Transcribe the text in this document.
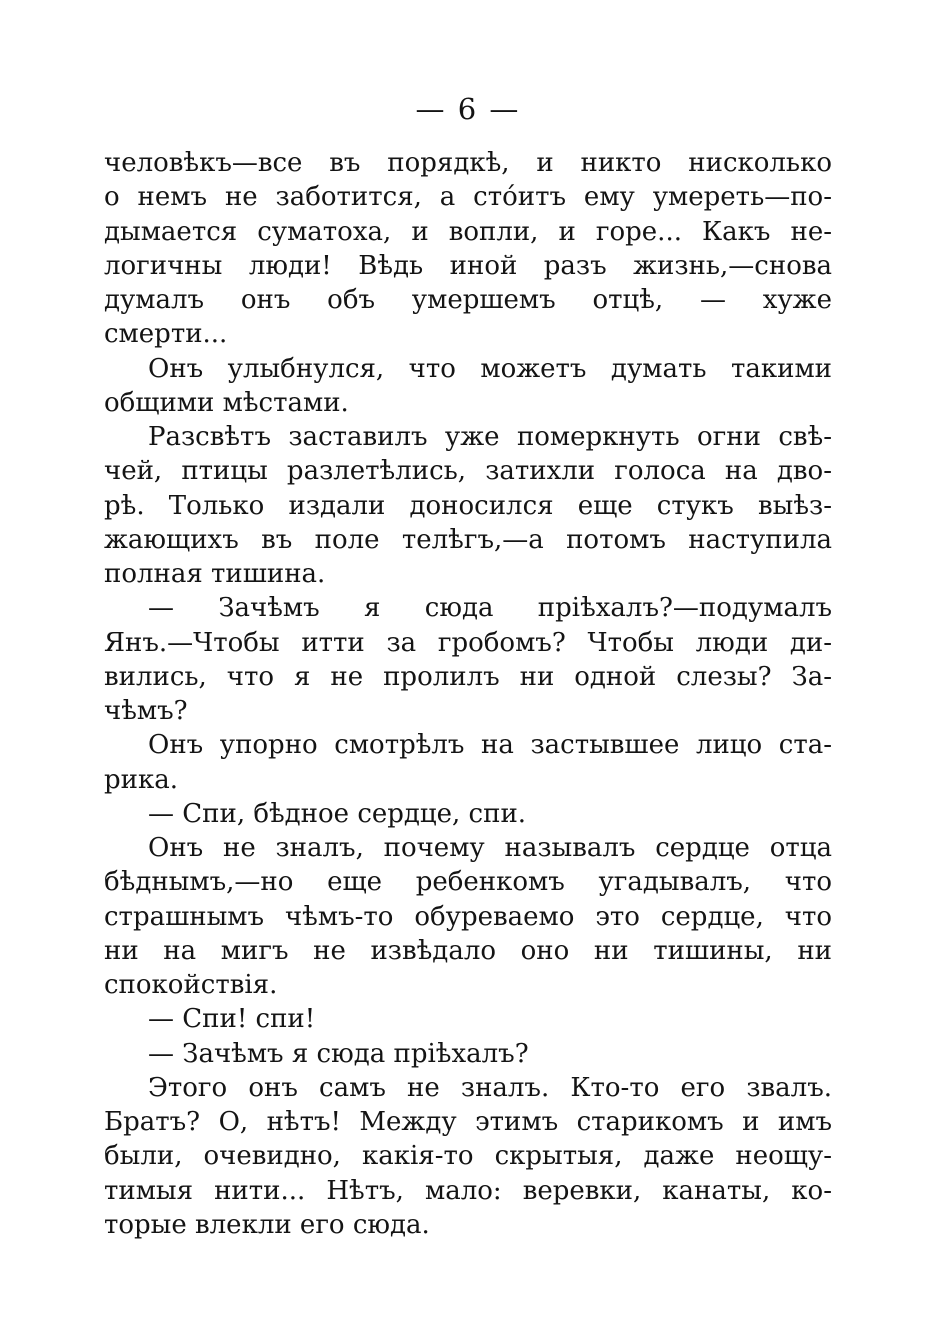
— 6 —
человѣкъ—все въ порядкѣ, и никто нисколько
о немъ не заботится, а стóитъ ему умереть—по-
дымается суматоха, и вопли, и горе... Какъ не-
логичны люди! Вѣдь иной разъ жизнь,—снова
думалъ онъ объ умершемъ отцѣ, — хуже
смерти...
Онъ улыбнулся, что можетъ думать такими
общими мѣстами.
Разсвѣтъ заставилъ уже померкнуть огни свѣ-
чей, птицы разлетѣлись, затихли голоса на дво-
рѣ. Только издали доносился еще стукъ выѣз-
жающихъ въ поле телѣгъ,—а потомъ наступила
полная тишина.
— Зачѣмъ я сюда пріѣхалъ?—подумалъ
Янъ.—Чтобы итти за гробомъ? Чтобы люди ди-
вились, что я не пролилъ ни одной слезы? За-
чѣмъ?
Онъ упорно смотрѣлъ на застывшее лицо ста-
рика.
— Спи, бѣдное сердце, спи.
Онъ не зналъ, почему называлъ сердце отца
бѣднымъ,—но еще ребенкомъ угадывалъ, что
страшнымъ чѣмъ-то обуреваемо это сердце, что
ни на мигъ не извѣдало оно ни тишины, ни
спокойствія.
— Спи! спи!
— Зачѣмъ я сюда пріѣхалъ?
Этого онъ самъ не зналъ. Кто-то его звалъ.
Братъ? О, нѣтъ! Между этимъ старикомъ и имъ
были, очевидно, какія-то скрытыя, даже неощу-
тимыя нити... Нѣтъ, мало: веревки, канаты, ко-
торые влекли его сюда.
